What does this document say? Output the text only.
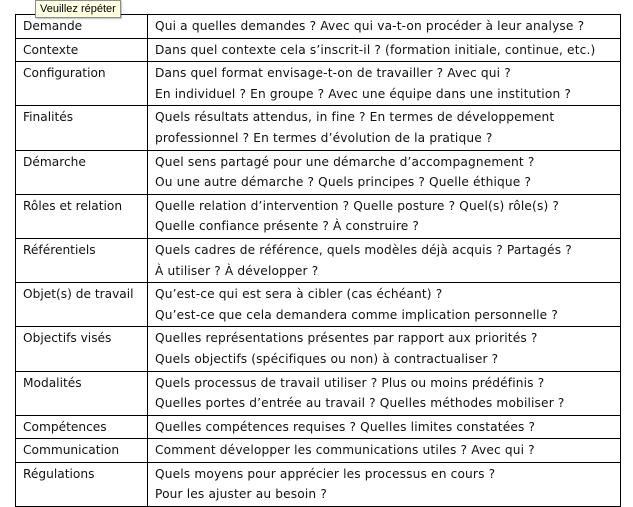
Demande	Qui a quelles demandes ? Avec qui va-t-on procéder à leur analyse ?

Contexte	Dans quel contexte cela s’inscrit-il ? (formation initiale, continue, etc.)

Configuration	Dans quel format envisage-t-on de travailler ? Avec qui ?
En individuel ? En groupe ? Avec une équipe dans une institution ?

Finalités	Quels résultats attendus, in fine ? En termes de développement
professionnel ? En termes d’évolution de la pratique ?

Démarche	Quel sens partagé pour une démarche d’accompagnement ?
Ou une autre démarche ? Quels principes ? Quelle éthique ?

Rôles et relation	Quelle relation d’intervention ? Quelle posture ? Quel(s) rôle(s) ?
Quelle confiance présente ? À construire ?

Référentiels	Quels cadres de référence, quels modèles déjà acquis ? Partagés ?
À utiliser ? À développer ?

Objet(s) de travail	Qu’est-ce qui est sera à cibler (cas échéant) ?
Qu’est-ce que cela demandera comme implication personnelle ?

Objectifs visés	Quelles représentations présentes par rapport aux priorités ?
Quels objectifs (spécifiques ou non) à contractualiser ?

Modalités	Quels processus de travail utiliser ? Plus ou moins prédéfinis ?
Quelles portes d’entrée au travail ? Quelles méthodes mobiliser ?

Compétences	Quelles compétences requises ? Quelles limites constatées ?

Communication	Comment développer les communications utiles ? Avec qui ?

Régulations	Quels moyens pour apprécier les processus en cours ?
Pour les ajuster au besoin ?
Veuillez répéter
